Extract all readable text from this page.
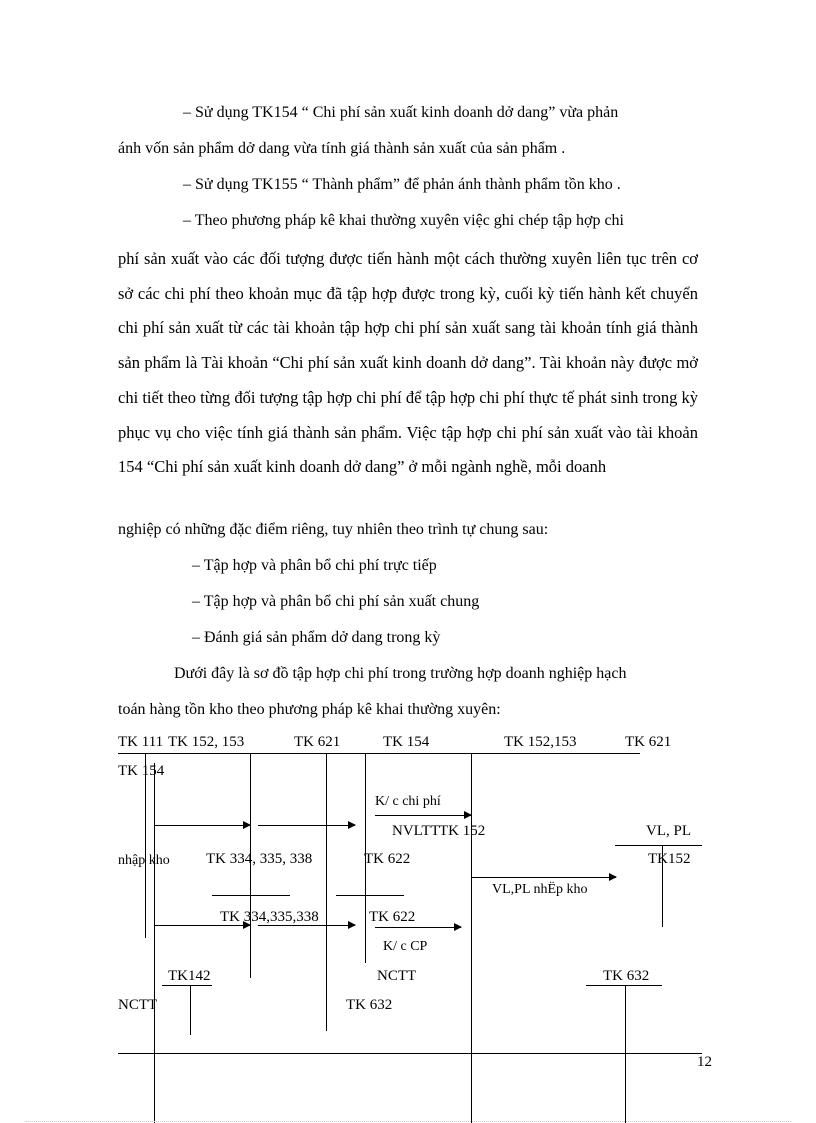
– Sử dụng TK154 “ Chi phí sản xuất kinh doanh dở dang” vừa phản
ánh vốn sản phẩm dở dang vừa tính giá thành sản xuất của sản phẩm .
– Sử dụng TK155 “ Thành phẩm” để phản ánh thành phẩm tồn kho .
– Theo phương pháp kê khai thường xuyên việc ghi chép tập hợp chi

phí sản xuất vào các đối tượng được tiến hành một cách thường xuyên liên tục trên cơ sở các chi phí theo khoản mục đã tập hợp được trong kỳ, cuối kỳ tiến hành kết chuyển chi phí sản xuất từ các tài khoản tập hợp chi phí sản xuất sang tài khoản tính giá thành sản phẩm là Tài khoản “Chi phí sản xuất kinh doanh dở dang”. Tài khoản này được mở chi tiết theo từng đối tượng tập hợp chi phí để tập hợp chi phí thực tế phát sinh trong kỳ phục vụ cho việc tính giá thành sản phẩm. Việc tập hợp chi phí sản xuất vào tài khoản 154 “Chi phí sản xuất kinh doanh dở dang” ở mỗi ngành nghề, mỗi doanh

nghiệp có những đặc điểm riêng, tuy nhiên theo trình tự chung sau:
– Tập hợp và phân bổ chi phí trực tiếp
– Tập hợp và phân bổ chi phí sản xuất chung
– Đánh giá sản phẩm dở dang trong kỳ
Dưới đây là sơ đồ tập hợp chi phí trong trường hợp doanh nghiệp hạch
toán hàng tồn kho theo phương pháp kê khai thường xuyên:
TK 111 TK 152, 153	TK 621	TK 154	TK 152,153	TK 621
TK 154
K/ c chi phí
NVLTT TK 152	VL, PL
nhập kho TK 334, 335, 338	TK 622	TK152
VL,PL nhËp kho
TK 334,335,338	TK 622
K/ c CP
TK142	NCTT	TK 632
NCTT	TK 632
12
